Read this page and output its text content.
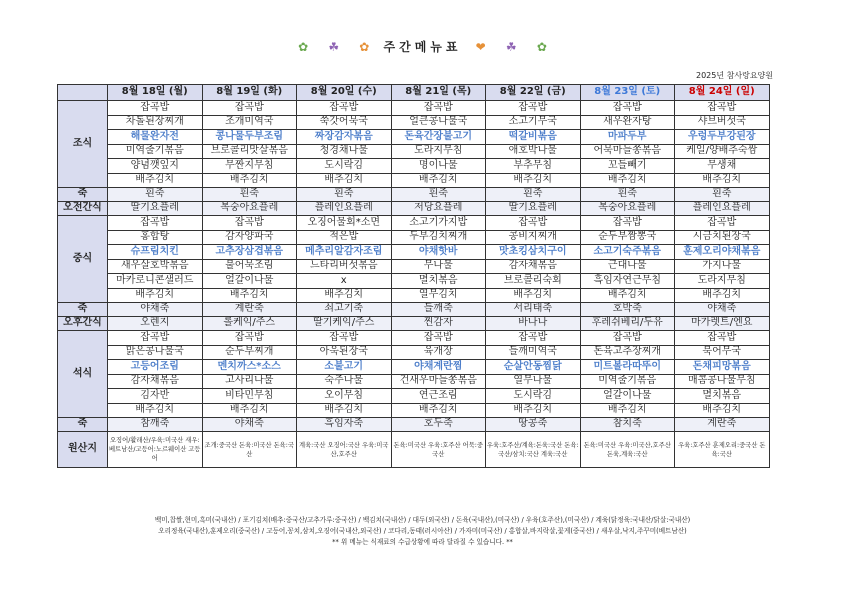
✿ ☘ ✿ 주간메뉴표 ❤ ☘ ✿
2025년 참사랑요양원
	8월 18일 (월)	8월 19일 (화)	8월 20일 (수)	8월 21일 (목)	8월 22일 (금)	8월 23일 (토)	8월 24일 (일)
조식	잡곡밥	잡곡밥	잡곡밥	잡곡밥	잡곡밥	잡곡밥	잡곡밥
	차돌된장찌개	조개미역국	쑥갓어묵국	얼큰콩나물국	소고기무국	새우완자탕	샤브버섯국
	해물완자전	콩나물두부조림	짜장감자볶음	돈육간장불고기	떡갈비볶음	마파두부	우렁두부강된장
	미역줄기볶음	브로콜리맛살볶음	청경채나물	도라지무침	애호박나물	어묵마늘쫑볶음	케일/양배추숙쌈
	양념깻잎지	무짠지무침	도시락김	명이나물	부추무침	꼬들빼기	무생채
	배추김치	배추김치	배추김치	배추김치	배추김치	배추김치	배추김치
죽	흰죽	흰죽	흰죽	흰죽	흰죽	흰죽	흰죽
오전간식	딸기요플레	복숭아요플레	플레인요플레	저당요플레	딸기요플레	복숭아요플레	플레인요플레
중식	잡곡밥	잡곡밥	오징어물회*소면	소고기가지밥	잡곡밥	잡곡밥	잡곡밥
	홍합탕	감자양파국	적은밥	두부김치찌개	콩비지찌개	순두부짬뽕국	시금치된장국
	슈프림치킨	고추장삼겹볶음	메추리알감자조림	야채핫바	맛초킹삼치구이	소고기숙주볶음	훈제오리야채볶음
	새우살호박볶음	불어묵조림	느타리버섯볶음	무나물	감자채볶음	근대나물	가지나물
	마카로니콘샐러드	얼갈이나물	x	멸치볶음	브로콜리숙회	흑임자연근무침	도라지무침
	배추김치	배추김치	배추김치	열무김치	배추김치	배추김치	배추김치
죽	야채죽	계란죽	쇠고기죽	들깨죽	서리태죽	호박죽	야채죽
오후간식	오렌지	롤케익/주스	딸기케익/주스	찐감자	바나나	후레쉬베리/두유	마가렛트/엔요
석식	잡곡밥	잡곡밥	잡곡밥	잡곡밥	잡곡밥	잡곡밥	잡곡밥
	맑은콩나물국	순두부찌개	아욱된장국	육개장	들깨미역국	돈육고추장찌개	북어무국
	고등어조림	멘치까스*소스	소불고기	야채계란찜	순살안동찜닭	미트볼라따뚜이	돈채피망볶음
	감자채볶음	고사리나물	숙주나물	건새우마늘쫑볶음	열무나물	미역줄기볶음	매콤콩나물무침
	김자반	비타민무침	오이무침	연근조림	도시락김	얼갈이나물	멸치볶음
	배추김치	배추김치	배추김치	배추김치	배추김치	배추김치	배추김치
죽	참깨죽	야채죽	흑임자죽	호두죽	땅콩죽	참치죽	계란죽
원산지	오징어/활래산/우육:미국산 새우:베트남산/고등어:노르웨이산 고등어	조개:중국산 돈육:미국산 돈육:국산	계육:국산 오징어:국산 우육:미국산,호주산	돈육:미국산 우육:호주산 어묵:중국산	우육:호주산/계육:돈육:국산 돈육:국산/삼치:국산 계육:국산	돈육:미국산 우육:미국산,호주산 돈육,계육:국산	우육:호주산 훈제오리:중국산 돈육:국산
백미,찹쌀,현미,흑미(국내산) / 포기김치(배추:중국산/고추가루:중국산) / 백김치(국내산) / 대두(외국산) / 돈육(국내산),(미국산) / 우육(호주산),(미국산) / 계육(닭정육:국내산/닭살:국내산)
오리정육(국내산),훈제오리(중국산) / 고등어,꽁치,삼치,오징어(국내산,외국산) / 코다리,동태(러시아산) / 가자미(미국산) / 홍합살,바지락살,꽃게(중국산) / 새우살,낙지,주꾸미(베트남산)
** 위 메뉴는 식재료의 수급상황에 따라 달라질 수 있습니다. **
